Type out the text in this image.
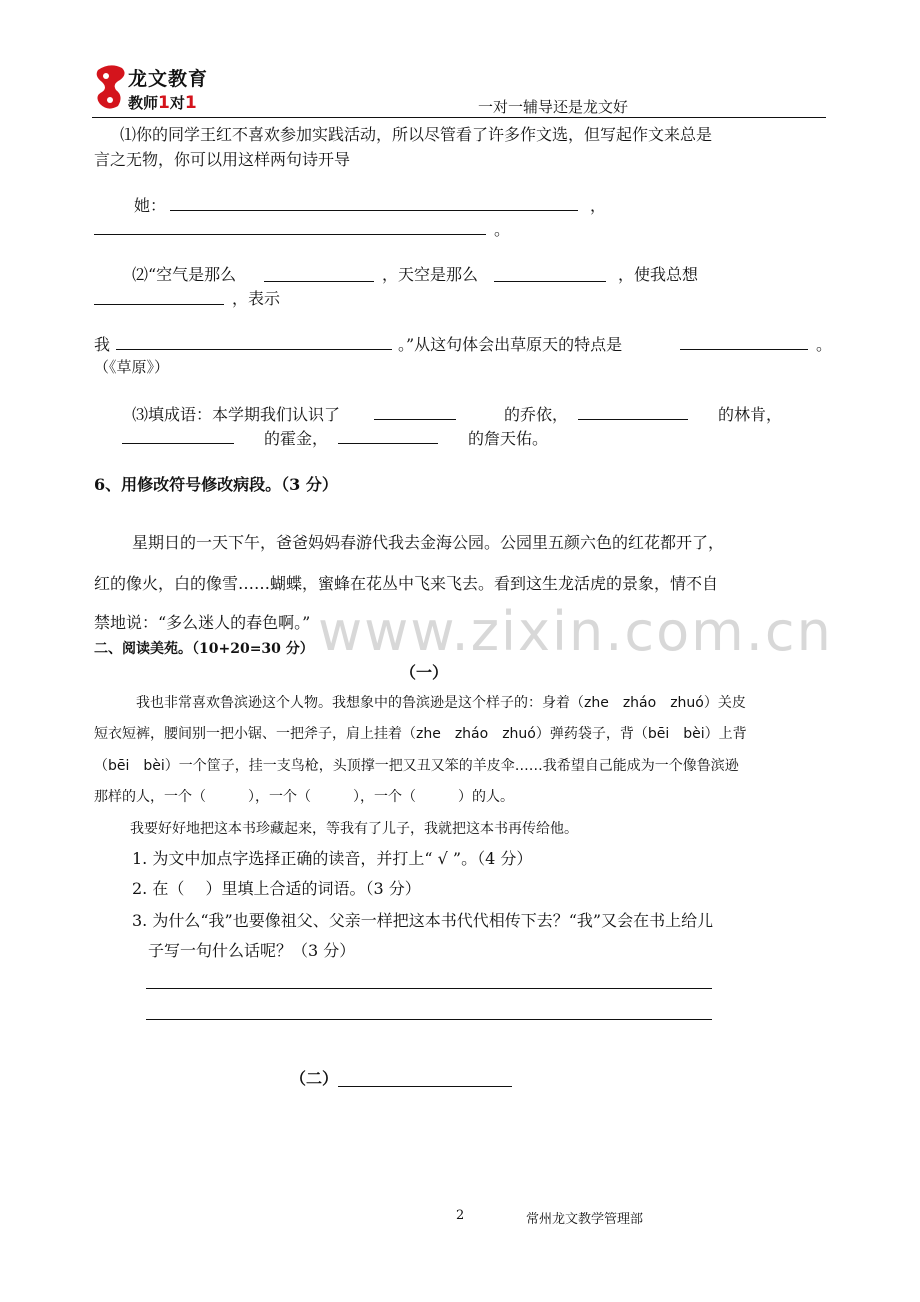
龙文教育
教师1对1	一对一辅导还是龙文好
⑴你的同学王红不喜欢参加实践活动，所以尽管看了许多作文选，但写起作文来总是
言之无物，你可以用这样两句诗开导
她：	，
。
⑵“空气是那么	，天空是那么	，使我总想
，表示
我	。”从这句体会出草原天的特点是	。
（《草原》）
⑶填成语：本学期我们认识了	的乔依，	的林肯，
的霍金，	的詹天佑。
6、用修改符号修改病段。（3 分）
星期日的一天下午，爸爸妈妈春游代我去金海公园。公园里五颜六色的红花都开了，
红的像火，白的像雪……蝴蝶，蜜蜂在花丛中飞来飞去。看到这生龙活虎的景象，情不自
www.zixin.com.cn
禁地说：“多么迷人的春色啊。”
二、阅读美苑。（10+20=30 分）
（一）
我也非常喜欢鲁滨逊这个人物。我想象中的鲁滨逊是这个样子的：身着（zhe　zháo　zhuó）关皮
短衣短裤，腰间别一把小锯、一把斧子，肩上挂着（zhe　zháo　zhuó）弹药袋子，背（bēi　bèi）上背
（bēi　bèi）一个筐子，挂一支鸟枪，头顶撑一把又丑又笨的羊皮伞……我希望自己能成为一个像鲁滨逊
那样的人，一个（　　　），一个（　　　），一个（　　　）的人。
我要好好地把这本书珍藏起来，等我有了儿子，我就把这本书再传给他。
1. 为文中加点字选择正确的读音，并打上“ √ ”。（4 分）
2. 在（　 ）里填上合适的词语。（3 分）
3. 为什么“我”也要像祖父、父亲一样把这本书代代相传下去？“我”又会在书上给儿
子写一句什么话呢？（3 分）
（二）
2	常州龙文教学管理部
